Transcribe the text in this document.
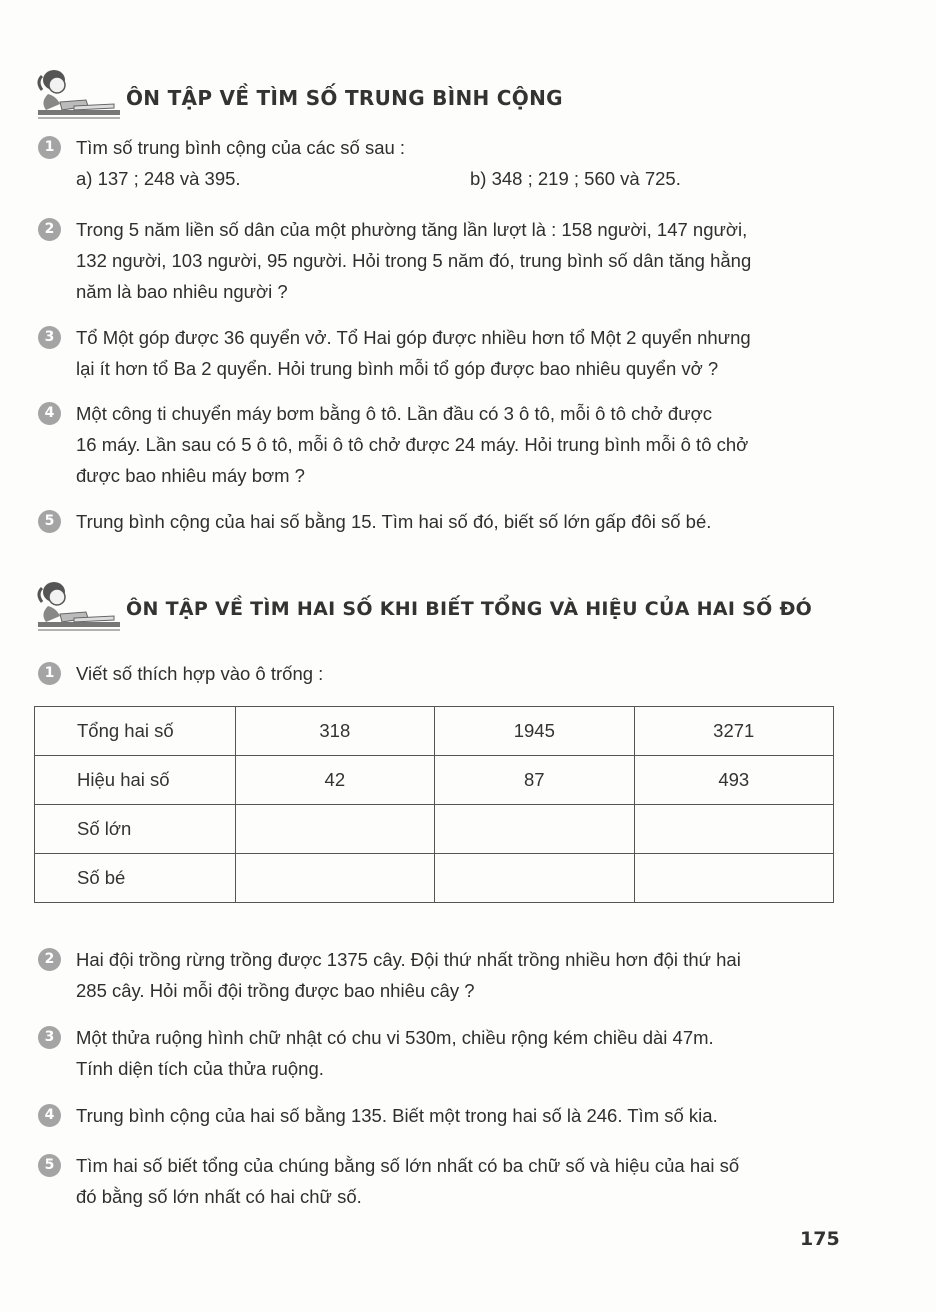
ÔN TẬP VỀ TÌM SỐ TRUNG BÌNH CỘNG
1	Tìm số trung bình cộng của các số sau :
a) 137 ; 248 và 395.	b) 348 ; 219 ; 560 và 725.
2	Trong 5 năm liền số dân của một phường tăng lần lượt là : 158 người, 147 người,
132 người, 103 người, 95 người. Hỏi trong 5 năm đó, trung bình số dân tăng hằng
năm là bao nhiêu người ?
3	Tổ Một góp được 36 quyển vở. Tổ Hai góp được nhiều hơn tổ Một 2 quyển nhưng
lại ít hơn tổ Ba 2 quyển. Hỏi trung bình mỗi tổ góp được bao nhiêu quyển vở ?
4	Một công ti chuyển máy bơm bằng ô tô. Lần đầu có 3 ô tô, mỗi ô tô chở được
16 máy. Lần sau có 5 ô tô, mỗi ô tô chở được 24 máy. Hỏi trung bình mỗi ô tô chở
được bao nhiêu máy bơm ?
5	Trung bình cộng của hai số bằng 15. Tìm hai số đó, biết số lớn gấp đôi số bé.
ÔN TẬP VỀ TÌM HAI SỐ KHI BIẾT TỔNG VÀ HIỆU CỦA HAI SỐ ĐÓ
1	Viết số thích hợp vào ô trống :
Tổng hai số	318	1945	3271
Hiệu hai số	42	87	493
Số lớn			
Số bé			
2	Hai đội trồng rừng trồng được 1375 cây. Đội thứ nhất trồng nhiều hơn đội thứ hai
285 cây. Hỏi mỗi đội trồng được bao nhiêu cây ?
3	Một thửa ruộng hình chữ nhật có chu vi 530m, chiều rộng kém chiều dài 47m.
Tính diện tích của thửa ruộng.
4	Trung bình cộng của hai số bằng 135. Biết một trong hai số là 246. Tìm số kia.
5	Tìm hai số biết tổng của chúng bằng số lớn nhất có ba chữ số và hiệu của hai số
đó bằng số lớn nhất có hai chữ số.
175
